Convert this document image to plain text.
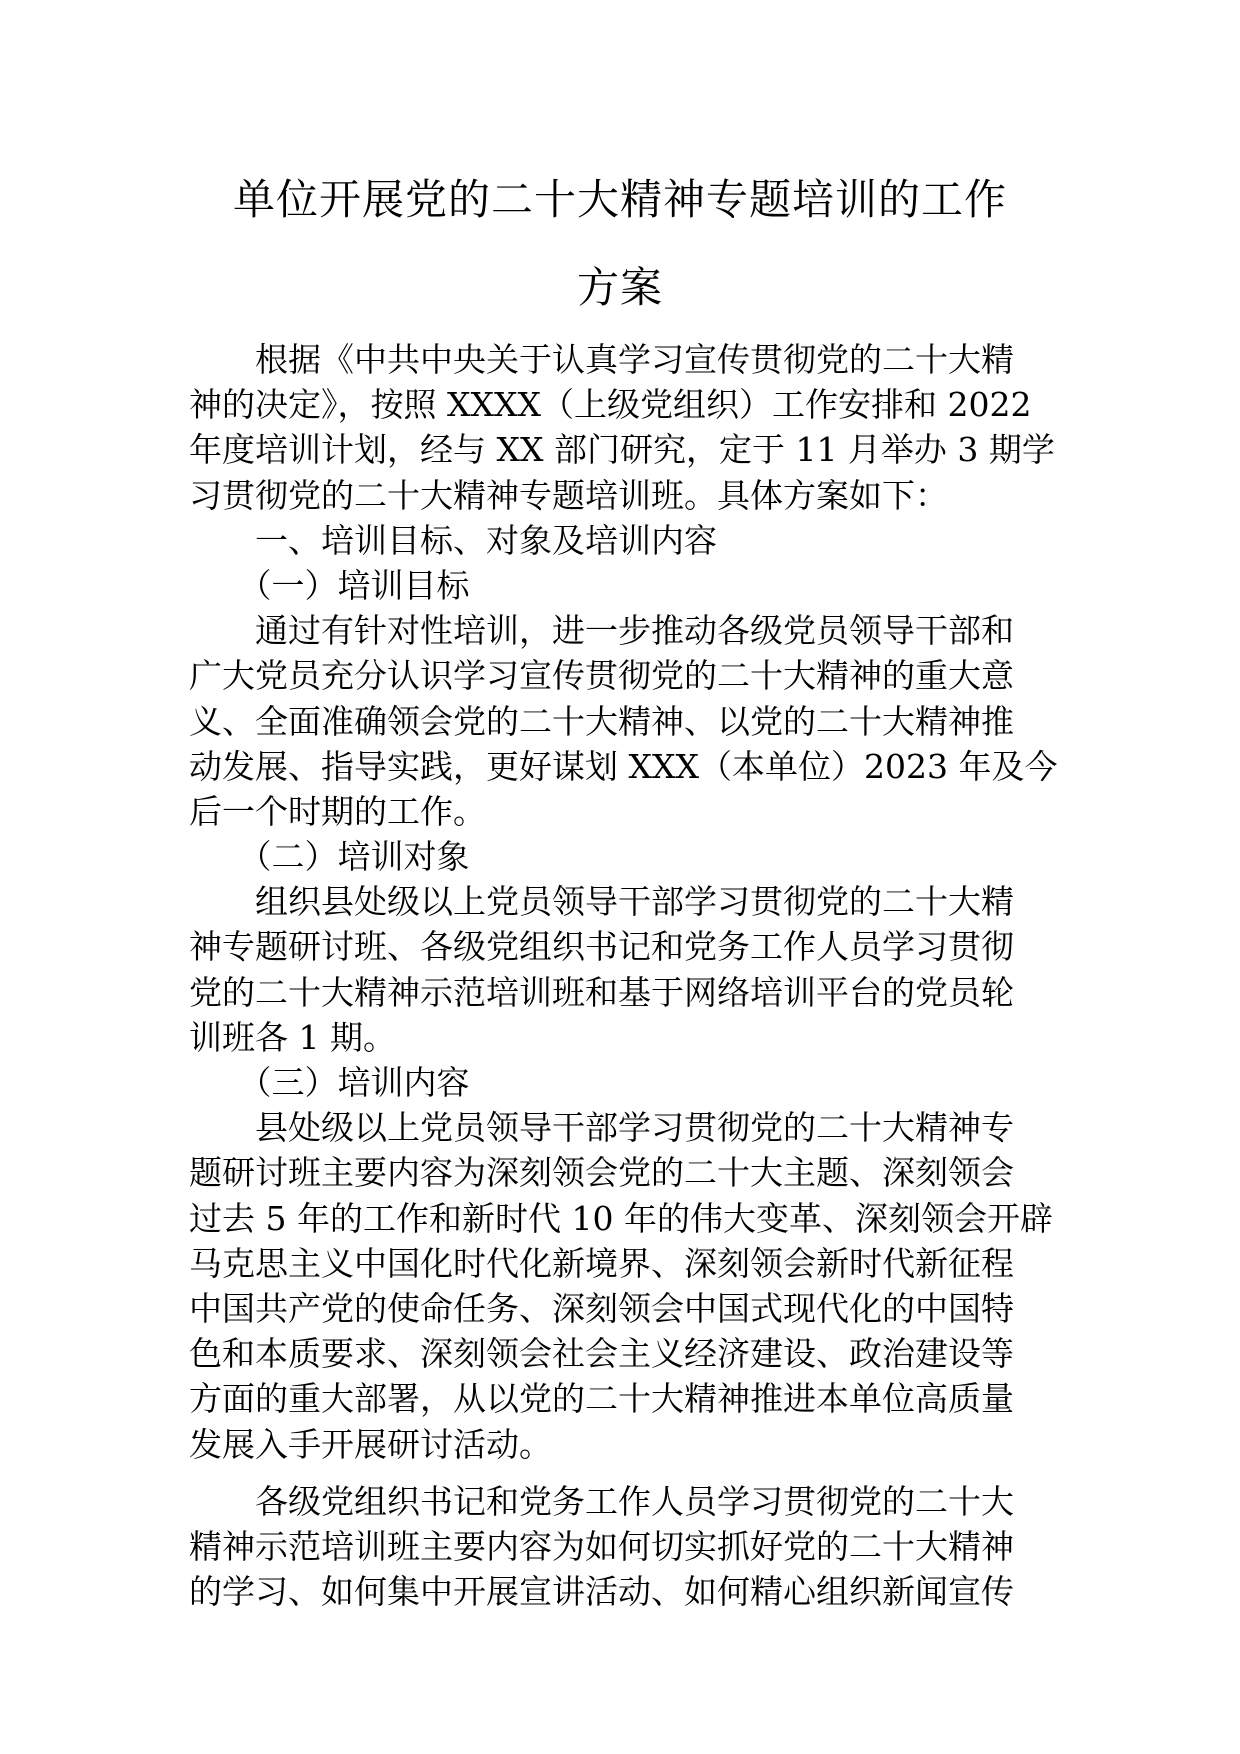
单位开展党的二十大精神专题培训的工作
方案
　　根据《中共中央关于认真学习宣传贯彻党的二十大精
神的决定》，按照 XXXX（上级党组织）工作安排和 2022
年度培训计划，经与 XX 部门研究，定于 11 月举办 3 期学
习贯彻党的二十大精神专题培训班。具体方案如下：
　　一、培训目标、对象及培训内容
　　（一）培训目标
　　通过有针对性培训，进一步推动各级党员领导干部和
广大党员充分认识学习宣传贯彻党的二十大精神的重大意
义、全面准确领会党的二十大精神、以党的二十大精神推
动发展、指导实践，更好谋划 XXX（本单位）2023 年及今
后一个时期的工作。
　　（二）培训对象
　　组织县处级以上党员领导干部学习贯彻党的二十大精
神专题研讨班、各级党组织书记和党务工作人员学习贯彻
党的二十大精神示范培训班和基于网络培训平台的党员轮
训班各 1 期。
　　（三）培训内容
　　县处级以上党员领导干部学习贯彻党的二十大精神专
题研讨班主要内容为深刻领会党的二十大主题、深刻领会
过去 5 年的工作和新时代 10 年的伟大变革、深刻领会开辟
马克思主义中国化时代化新境界、深刻领会新时代新征程
中国共产党的使命任务、深刻领会中国式现代化的中国特
色和本质要求、深刻领会社会主义经济建设、政治建设等
方面的重大部署，从以党的二十大精神推进本单位高质量
发展入手开展研讨活动。
　　各级党组织书记和党务工作人员学习贯彻党的二十大
精神示范培训班主要内容为如何切实抓好党的二十大精神
的学习、如何集中开展宣讲活动、如何精心组织新闻宣传
